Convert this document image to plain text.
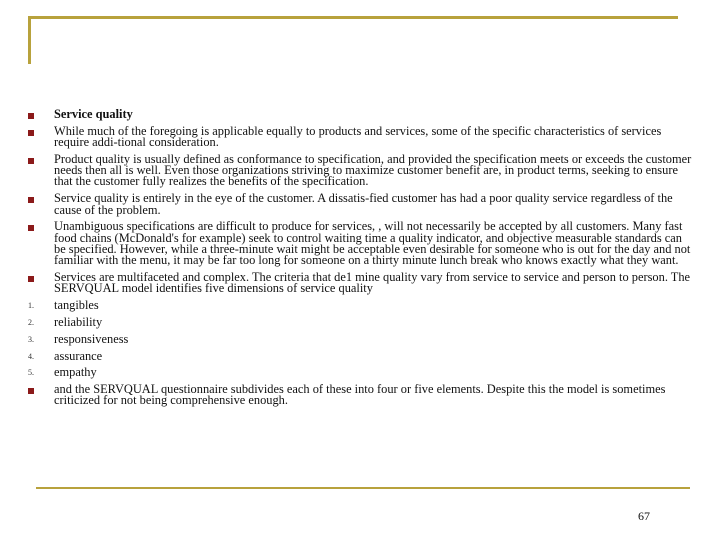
Service quality
While much of the foregoing is applicable equally to products and services, some of the specific characteristics of services require addi-tional consideration.
Product quality is usually defined as conformance to specification, and provided the specification meets or exceeds the customer needs then all is well. Even those organizations striving to maximize customer benefit are, in product terms, seeking to ensure that the customer fully realizes the benefits of the specification.
Service quality is entirely in the eye of the customer. A dissatis-fied customer has had a poor quality service regardless of the cause of the problem.
Unambiguous specifications are difficult to produce for services, , will not necessarily be accepted by all customers. Many fast food chains (McDonald's for example) seek to control waiting time a quality indicator, and objective measurable standards can be specified. However, while a three-minute wait might be acceptable even desirable for someone who is out for the day and not familiar with the menu, it may be far too long for someone on a thirty minute lunch break who knows exactly what they want.
Services are multifaceted and complex. The criteria that de1 mine quality vary from service to service and person to person. The SERVQUAL model identifies five dimensions of service quality
1. tangibles
2. reliability
3. responsiveness
4. assurance
5. empathy
and the SERVQUAL questionnaire subdivides each of these into four or five elements. Despite this the model is sometimes criticized for not being comprehensive enough.
67
